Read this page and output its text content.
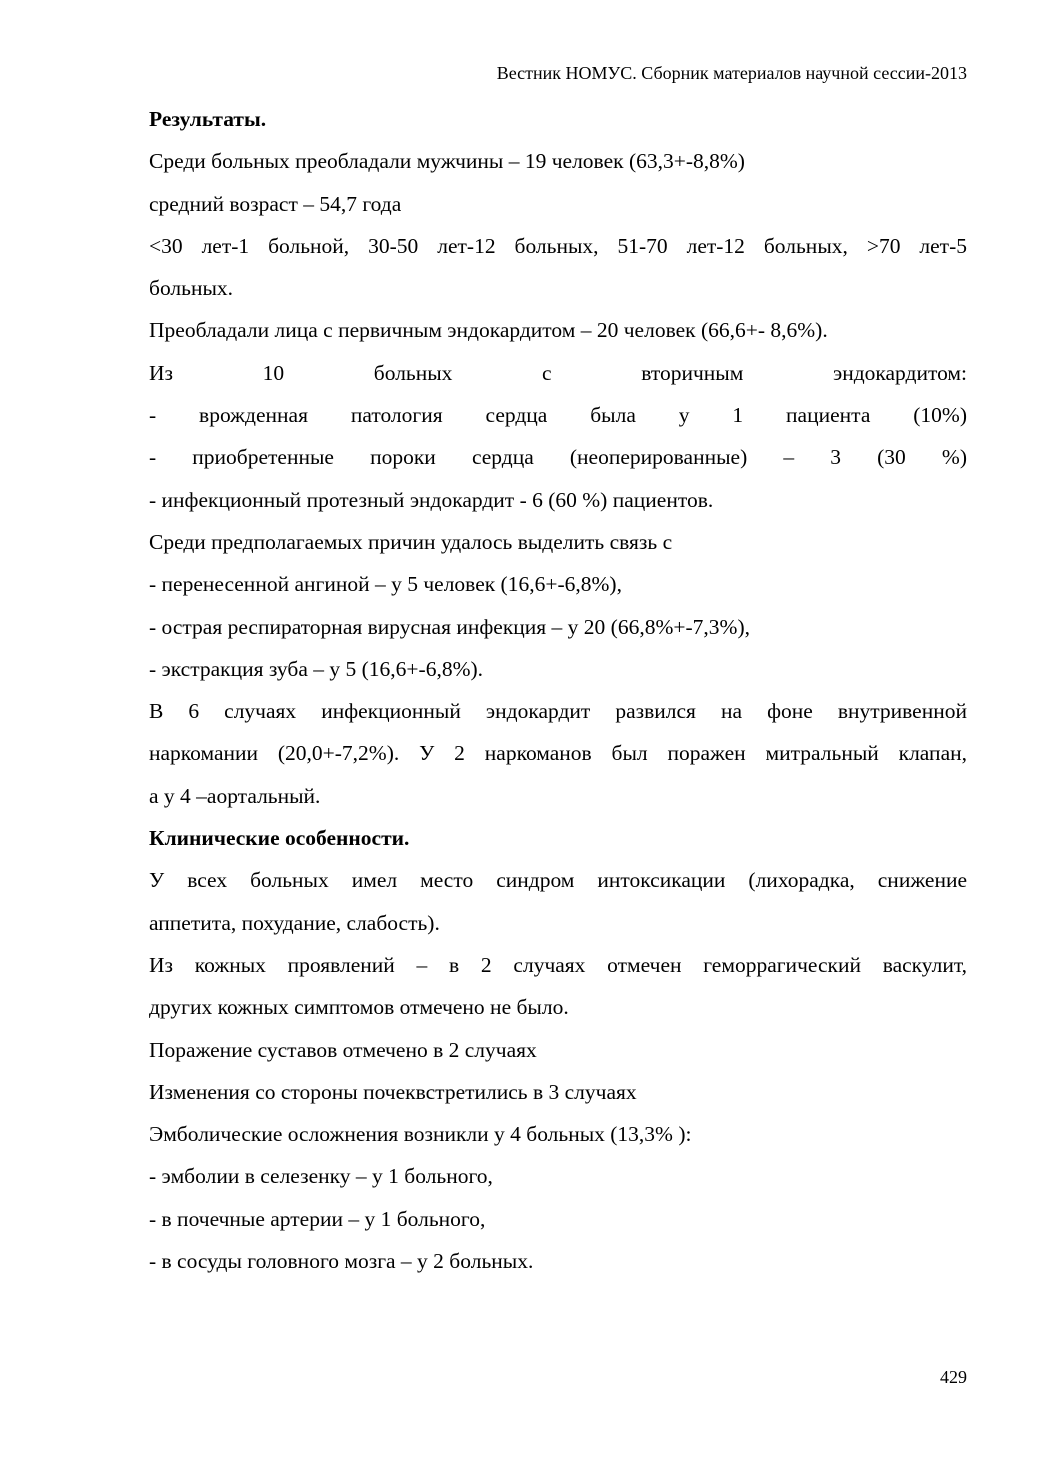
Вестник НОМУС. Сборник материалов научной сессии-2013
Результаты.
Среди больных преобладали мужчины – 19 человек (63,3+-8,8%)
средний возраст – 54,7 года
<30 лет-1 больной, 30-50 лет-12 больных, 51-70 лет-12 больных, >70 лет-5
больных.
Преобладали лица с первичным эндокардитом – 20 человек (66,6+- 8,6%).
Из 10 больных с вторичным эндокардитом:
- врожденная патология сердца была у 1 пациента (10%)
- приобретенные пороки сердца (неоперированные) – 3 (30 %)
- инфекционный протезный эндокардит - 6 (60 %) пациентов.
Среди предполагаемых причин удалось выделить связь с
- перенесенной ангиной – у 5 человек (16,6+-6,8%),
- острая респираторная вирусная инфекция – у 20 (66,8%+-7,3%),
- экстракция зуба – у 5 (16,6+-6,8%).
В 6 случаях инфекционный эндокардит развился на фоне внутривенной
наркомании (20,0+-7,2%). У 2 наркоманов был поражен митральный клапан,
а у 4 –аортальный.
Клинические особенности.
У всех больных имел место синдром интоксикации (лихорадка, снижение
аппетита, похудание, слабость).
Из кожных проявлений – в 2 случаях отмечен геморрагический васкулит,
других кожных симптомов отмечено не было.
Поражение суставов отмечено в 2 случаях
Изменения со стороны почеквстретились в 3 случаях
Эмболические осложнения возникли у 4 больных (13,3% ):
- эмболии в селезенку – у 1 больного,
- в почечные артерии – у 1 больного,
- в сосуды головного мозга – у 2 больных.
429
